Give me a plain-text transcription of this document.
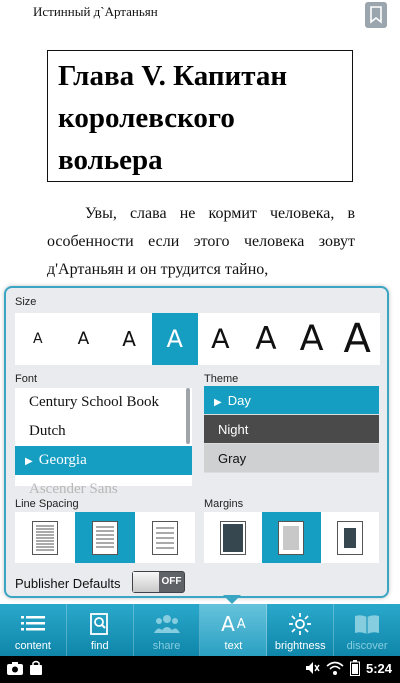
Истинный д`Артаньян
Глава V. Капитан королевского вольера
Увы, слава не кормит человека, в особенности если этого человека зовут д'Артаньян и он трудится тайно,
Size
A	A	A	A	A A A A
Font
Century School Book
Dutch
▶ Georgia
Ascender Sans
Theme
▶ Day
Night
Gray
Line Spacing	Margins
Publisher Defaults	OFF
content	find	share
A A
text	brightness discover
5:24
